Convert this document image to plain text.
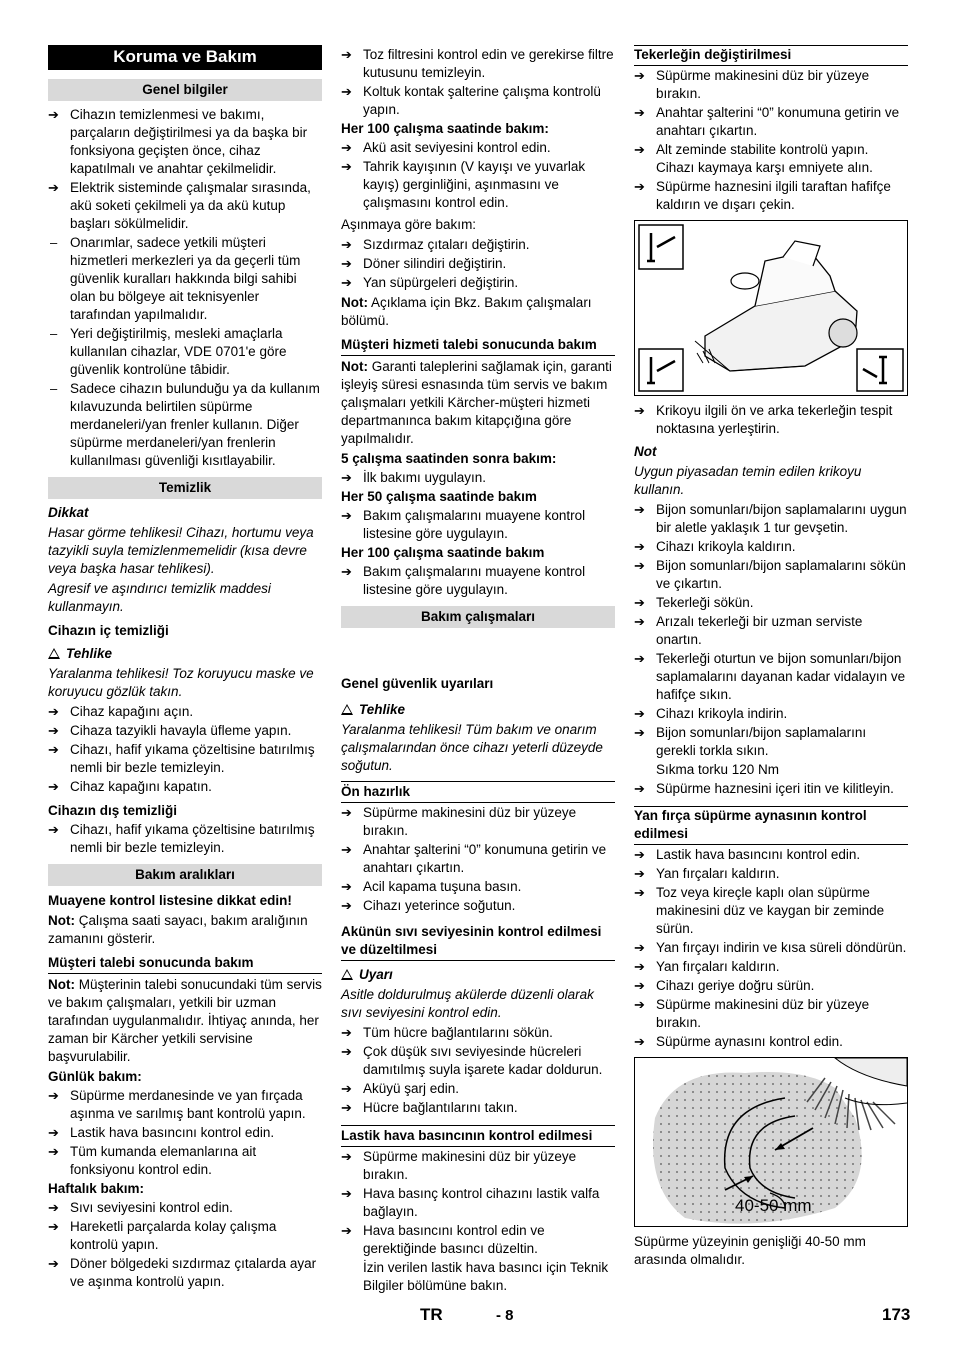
Koruma ve Bakım
Genel bilgiler
➔
Cihazın temizlenmesi ve bakımı, parçaların değiştirilmesi ya da başka bir fonksiyona geçişten önce, cihaz kapatılmalı ve anahtar çekilmelidir.
➔
Elektrik sisteminde çalışmalar sırasında, akü soketi çekilmeli ya da akü kutup başları sökülmelidir.
–
Onarımlar, sadece yetkili müşteri hizmetleri merkezleri ya da geçerli tüm güvenlik kuralları hakkında bilgi sahibi olan bu bölgeye ait teknisyenler tarafından yapılmalıdır.
–
Yeri değiştirilmiş, mesleki amaçlarla kullanılan cihazlar, VDE 0701'e göre güvenlik kontrolüne tâbidir.
–
Sadece cihazın bulunduğu ya da kullanım kılavuzunda belirtilen süpürme merdaneleri/yan frenler kullanın. Diğer süpürme merdaneleri/yan frenlerin kullanılması güvenliği kısıtlayabilir.
Temizlik
Dikkat

Hasar görme tehlikesi! Cihazı, hortumu veya tazyikli suyla temizlenmemelidir (kısa devre veya başka hasar tehlikesi).

Agresif ve aşındırıcı temizlik maddesi kullanmayın.

Cihazın iç temizliği
Tehlike

Yaralanma tehlikesi! Toz koruyucu maske ve koruyucu gözlük takın.

➔
Cihaz kapağını açın.
➔
Cihaza tazyikli havayla üfleme yapın.
➔
Cihazı, hafif yıkama çözeltisine batırılmış nemli bir bezle temizleyin.
➔
Cihaz kapağını kapatın.
Cihazın dış temizliği
➔
Cihazı, hafif yıkama çözeltisine batırılmış nemli bir bezle temizleyin.
Bakım aralıkları
Muayene kontrol listesine dikkat edin!

Not: Çalışma saati sayacı, bakım aralığının zamanını gösterir.

Müşteri talebi sonucunda bakım

Not: Müşterinin talebi sonucundaki tüm servis ve bakım çalışmaları, yetkili bir uzman tarafından uygulanmalıdır. İhtiyaç anında, her zaman bir Kärcher yetkili servisine başvurulabilir.

Günlük bakım:
➔
Süpürme merdanesinde ve yan fırçada aşınma ve sarılmış bant kontrolü yapın.
➔
Lastik hava basıncını kontrol edin.
➔
Tüm kumanda elemanlarına ait fonksiyonu kontrol edin.
Haftalık bakım:
➔
Sıvı seviyesini kontrol edin.
➔
Hareketli parçalarda kolay çalışma kontrolü yapın.
➔
Döner bölgedeki sızdırmaz çıtalarda ayar ve aşınma kontrolü yapın.
➔
Toz filtresini kontrol edin ve gerekirse filtre kutusunu temizleyin.
➔
Koltuk kontak şalterine çalışma kontrolü yapın.
Her 100 çalışma saatinde bakım:
➔
Akü asit seviyesini kontrol edin.
➔
Tahrik kayışının (V kayışı ve yuvarlak kayış) gerginliğini, aşınmasını ve çalışmasını kontrol edin.

Aşınmaya göre bakım:

➔
Sızdırmaz çıtaları değiştirin.
➔
Döner silindiri değiştirin.
➔
Yan süpürgeleri değiştirin.

Not: Açıklama için Bkz. Bakım çalışmaları bölümü.

Müşteri hizmeti talebi sonucunda bakım

Not: Garanti taleplerini sağlamak için, garanti işleyiş süresi esnasında tüm servis ve bakım çalışmaları yetkili Kärcher-müşteri hizmeti departmanınca bakım kitapçığına göre yapılmalıdır.

5 çalışma saatinden sonra bakım:
➔
İlk bakımı uygulayın.
Her 50 çalışma saatinde bakım
➔
Bakım çalışmalarını muayene kontrol listesine göre uygulayın.
Her 100 çalışma saatinde bakım
➔
Bakım çalışmalarını muayene kontrol listesine göre uygulayın.
Bakım çalışmaları
Genel güvenlik uyarıları
Tehlike

Yaralanma tehlikesi! Tüm bakım ve onarım çalışmalarından önce cihazı yeterli düzeyde soğutun.

Ön hazırlık
➔
Süpürme makinesini düz bir yüzeye bırakın.
➔
Anahtar şalterini “0” konumuna getirin ve anahtarı çıkartın.
➔
Acil kapama tuşuna basın.
➔
Cihazı yeterince soğutun.
Akünün sıvı seviyesinin kontrol edilmesi ve düzeltilmesi
Uyarı

Asitle doldurulmuş akülerde düzenli olarak sıvı seviyesini kontrol edin.

➔
Tüm hücre bağlantılarını sökün.
➔
Çok düşük sıvı seviyesinde hücreleri damıtılmış suyla işarete kadar doldurun.
➔
Aküyü şarj edin.
➔
Hücre bağlantılarını takın.
Lastik hava basıncının kontrol edilmesi
➔
Süpürme makinesini düz bir yüzeye bırakın.
➔
Hava basınç kontrol cihazını lastik valfa bağlayın.
➔
Hava basıncını kontrol edin ve gerektiğinde basıncı düzeltin.
İzin verilen lastik hava basıncı için Teknik Bilgiler bölümüne bakın.
Tekerleğin değiştirilmesi
➔
Süpürme makinesini düz bir yüzeye bırakın.
➔
Anahtar şalterini “0” konumuna getirin ve anahtarı çıkartın.
➔
Alt zeminde stabilite kontrolü yapın. Cihazı kaymaya karşı emniyete alın.
➔
Süpürme haznesini ilgili taraftan hafifçe kaldırın ve dışarı çekin.
➔
Krikoyu ilgili ön ve arka tekerleğin tespit noktasına yerleştirin.
Not

Uygun piyasadan temin edilen krikoyu kullanın.

➔
Bijon somunları/bijon saplamalarını uygun bir aletle yaklaşık 1 tur gevşetin.
➔
Cihazı krikoyla kaldırın.
➔
Bijon somunları/bijon saplamalarını sökün ve çıkartın.
➔
Tekerleği sökün.
➔
Arızalı tekerleği bir uzman serviste onartın.
➔
Tekerleği oturtun ve bijon somunları/bijon saplamalarını dayanan kadar vidalayın ve hafifçe sıkın.
➔
Cihazı krikoyla indirin.
➔
Bijon somunları/bijon saplamalarını gerekli torkla sıkın.
Sıkma torku 120 Nm
➔
Süpürme haznesini içeri itin ve kilitleyin.
Yan fırça süpürme aynasının kontrol edilmesi
➔
Lastik hava basıncını kontrol edin.
➔
Yan fırçaları kaldırın.
➔
Toz veya kireçle kaplı olan süpürme makinesini düz ve kaygan bir zeminde sürün.
➔
Yan fırçayı indirin ve kısa süreli döndürün.
➔
Yan fırçaları kaldırın.
➔
Cihazı geriye doğru sürün.
➔
Süpürme makinesini düz bir yüzeye bırakın.
➔
Süpürme aynasını kontrol edin.
40-50 mm

Süpürme yüzeyinin genişliği 40-50 mm arasında olmalıdır.

TR	- 8	173
